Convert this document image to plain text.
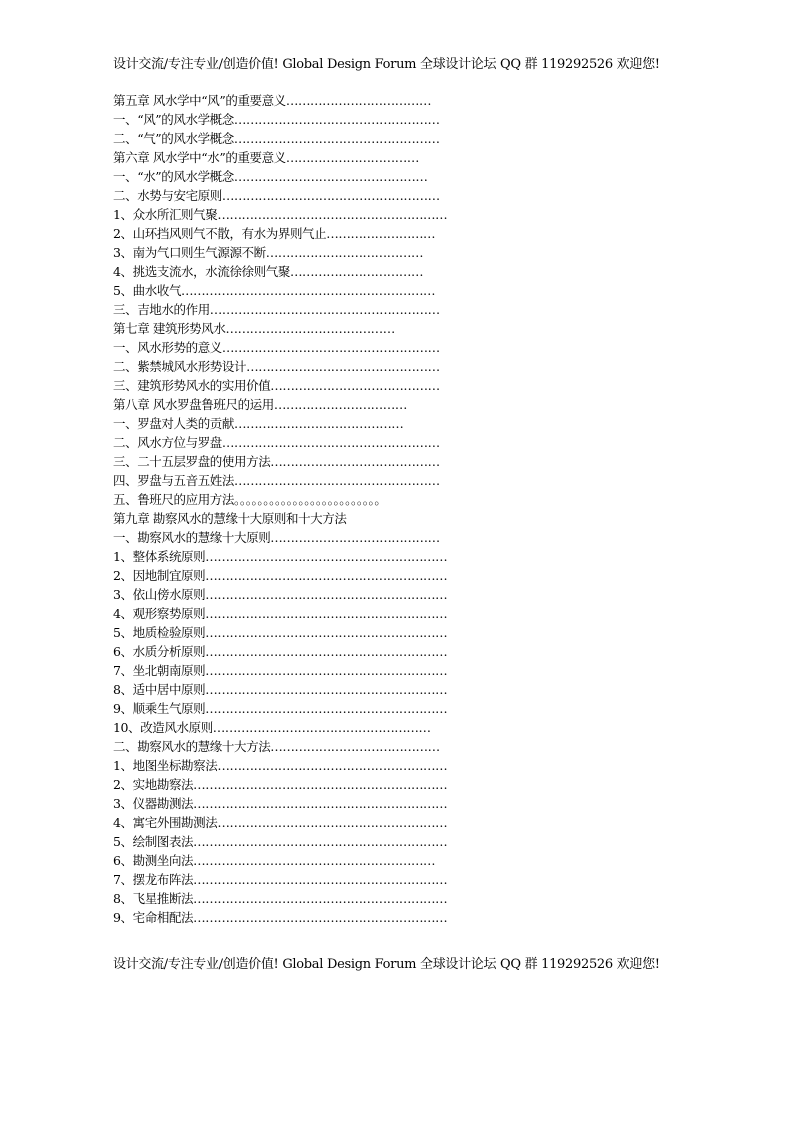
设计交流/专注专业/创造价值! Global Design Forum 全球设计论坛 QQ 群 119292526 欢迎您!
第五章 风水学中“风”的重要意义………………………………
一、“风”的风水学概念……………………………………………
二、“气”的风水学概念……………………………………………
第六章 风水学中“水”的重要意义……………………………
一、“水”的风水学概念…………………………………………
二、水势与安宅原则………………………………………………
1、众水所汇则气聚…………………………………………………
2、山环挡风则气不散，有水为界则气止………………………
3、南为气口则生气源源不断…………………………………
4、挑选支流水，水流徐徐则气聚……………………………
5、曲水收气………………………………………………………
三、吉地水的作用…………………………………………………
第七章 建筑形势风水……………………………………
一、风水形势的意义………………………………………………
二、紫禁城风水形势设计…………………………………………
三、建筑形势风水的实用价值……………………………………
第八章 风水罗盘鲁班尺的运用……………………………
一、罗盘对人类的贡献……………………………………
二、风水方位与罗盘………………………………………………
三、二十五层罗盘的使用方法……………………………………
四、罗盘与五音五姓法……………………………………………
五、鲁班尺的应用方法。。。。。。。。。。。。。。。。。。。。。。。。。
第九章 勘察风水的慧缘十大原则和十大方法
一、勘察风水的慧缘十大原则……………………………………
1、整体系统原则……………………………………………………
2、因地制宜原则……………………………………………………
3、依山傍水原则……………………………………………………
4、观形察势原则……………………………………………………
5、地质检验原则……………………………………………………
6、水质分析原则……………………………………………………
7、坐北朝南原则……………………………………………………
8、适中居中原则……………………………………………………
9、顺乘生气原则……………………………………………………
10、改造风水原则………………………………………………
二、勘察风水的慧缘十大方法……………………………………
1、地图坐标勘察法…………………………………………………
2、实地勘察法………………………………………………………
3、仪器勘测法………………………………………………………
4、寓宅外围勘测法…………………………………………………
5、绘制图表法………………………………………………………
6、勘测坐向法……………………………………………………
7、摆龙布阵法………………………………………………………
8、飞星推断法………………………………………………………
9、宅命相配法………………………………………………………
设计交流/专注专业/创造价值! Global Design Forum 全球设计论坛 QQ 群 119292526 欢迎您!
